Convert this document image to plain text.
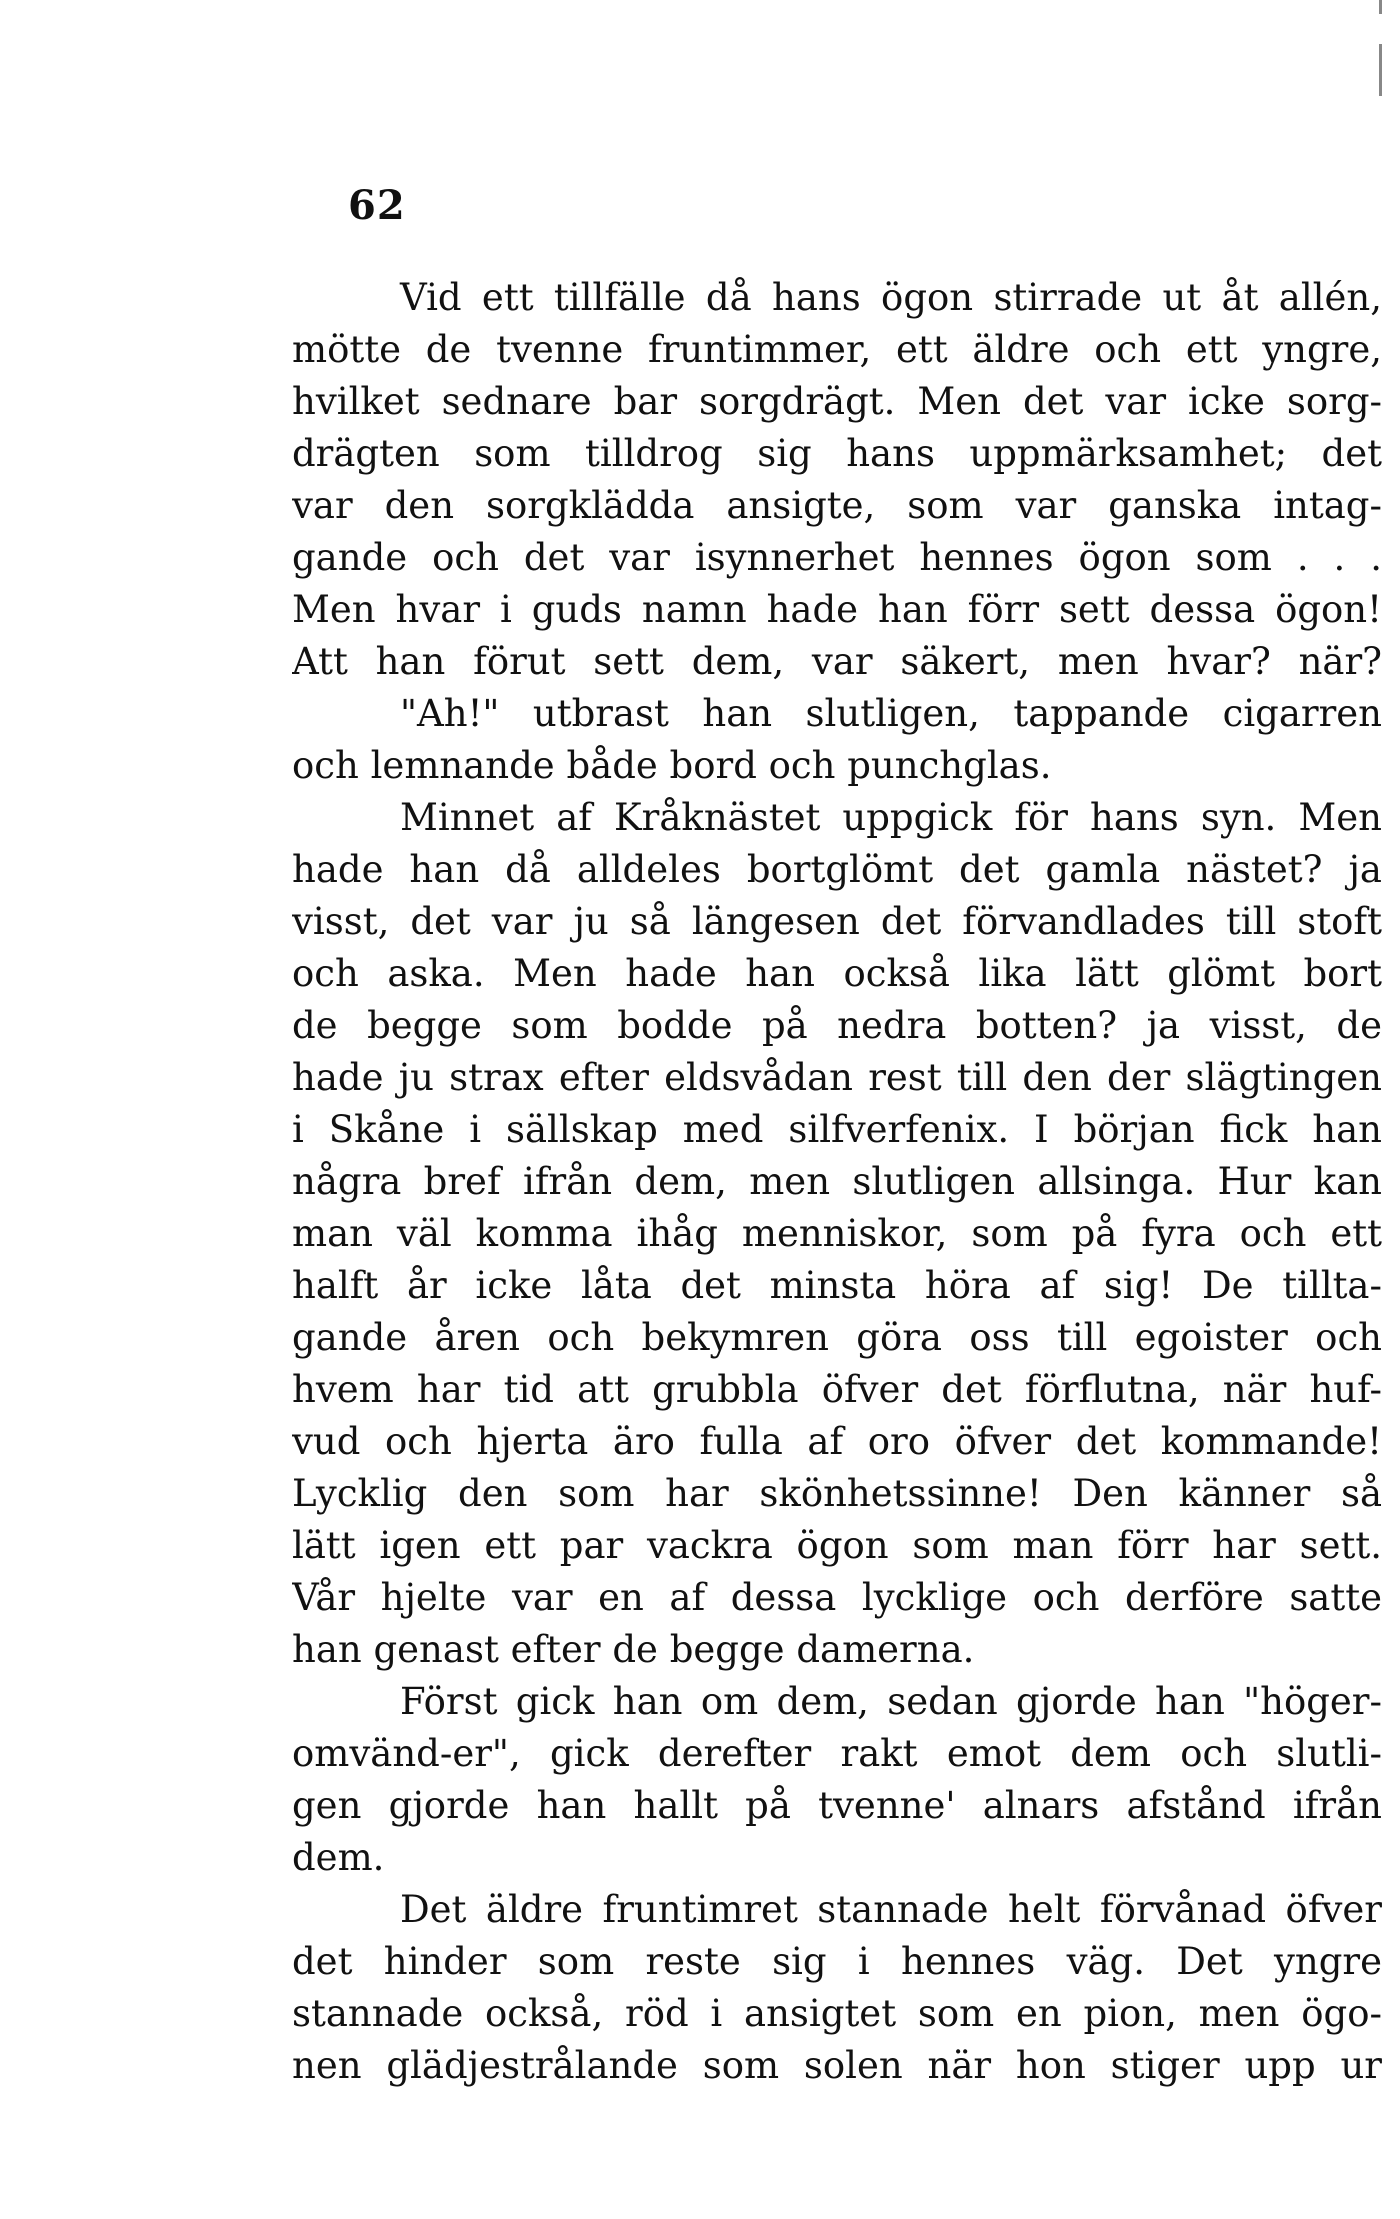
62
Vid ett tillfälle då hans ögon stirrade ut åt allén,
mötte de tvenne fruntimmer, ett äldre och ett yngre,
hvilket sednare bar sorgdrägt. Men det var icke sorg-
drägten som tilldrog sig hans uppmärksamhet; det
var den sorgklädda ansigte, som var ganska intag-
gande och det var isynnerhet hennes ögon som . . .
Men hvar i guds namn hade han förr sett dessa ögon!
Att han förut sett dem, var säkert, men hvar? när?
"Ah!" utbrast han slutligen, tappande cigarren
och lemnande både bord och punchglas.
Minnet af Kråknästet uppgick för hans syn. Men
hade han då alldeles bortglömt det gamla nästet? ja
visst, det var ju så längesen det förvandlades till stoft
och aska. Men hade han också lika lätt glömt bort
de begge som bodde på nedra botten? ja visst, de
hade ju strax efter eldsvådan rest till den der slägtingen
i Skåne i sällskap med silfverfenix. I början fick han
några bref ifrån dem, men slutligen allsinga. Hur kan
man väl komma ihåg menniskor, som på fyra och ett
halft år icke låta det minsta höra af sig! De tillta-
gande åren och bekymren göra oss till egoister och
hvem har tid att grubbla öfver det förflutna, när huf-
vud och hjerta äro fulla af oro öfver det kommande!
Lycklig den som har skönhetssinne! Den känner så
lätt igen ett par vackra ögon som man förr har sett.
Vår hjelte var en af dessa lycklige och derföre satte
han genast efter de begge damerna.
Först gick han om dem, sedan gjorde han "höger-
omvänd-er", gick derefter rakt emot dem och slutli-
gen gjorde han hallt på tvenne' alnars afstånd ifrån
dem.
Det äldre fruntimret stannade helt förvånad öfver
det hinder som reste sig i hennes väg. Det yngre
stannade också, röd i ansigtet som en pion, men ögo-
nen glädjestrålande som solen när hon stiger upp ur
